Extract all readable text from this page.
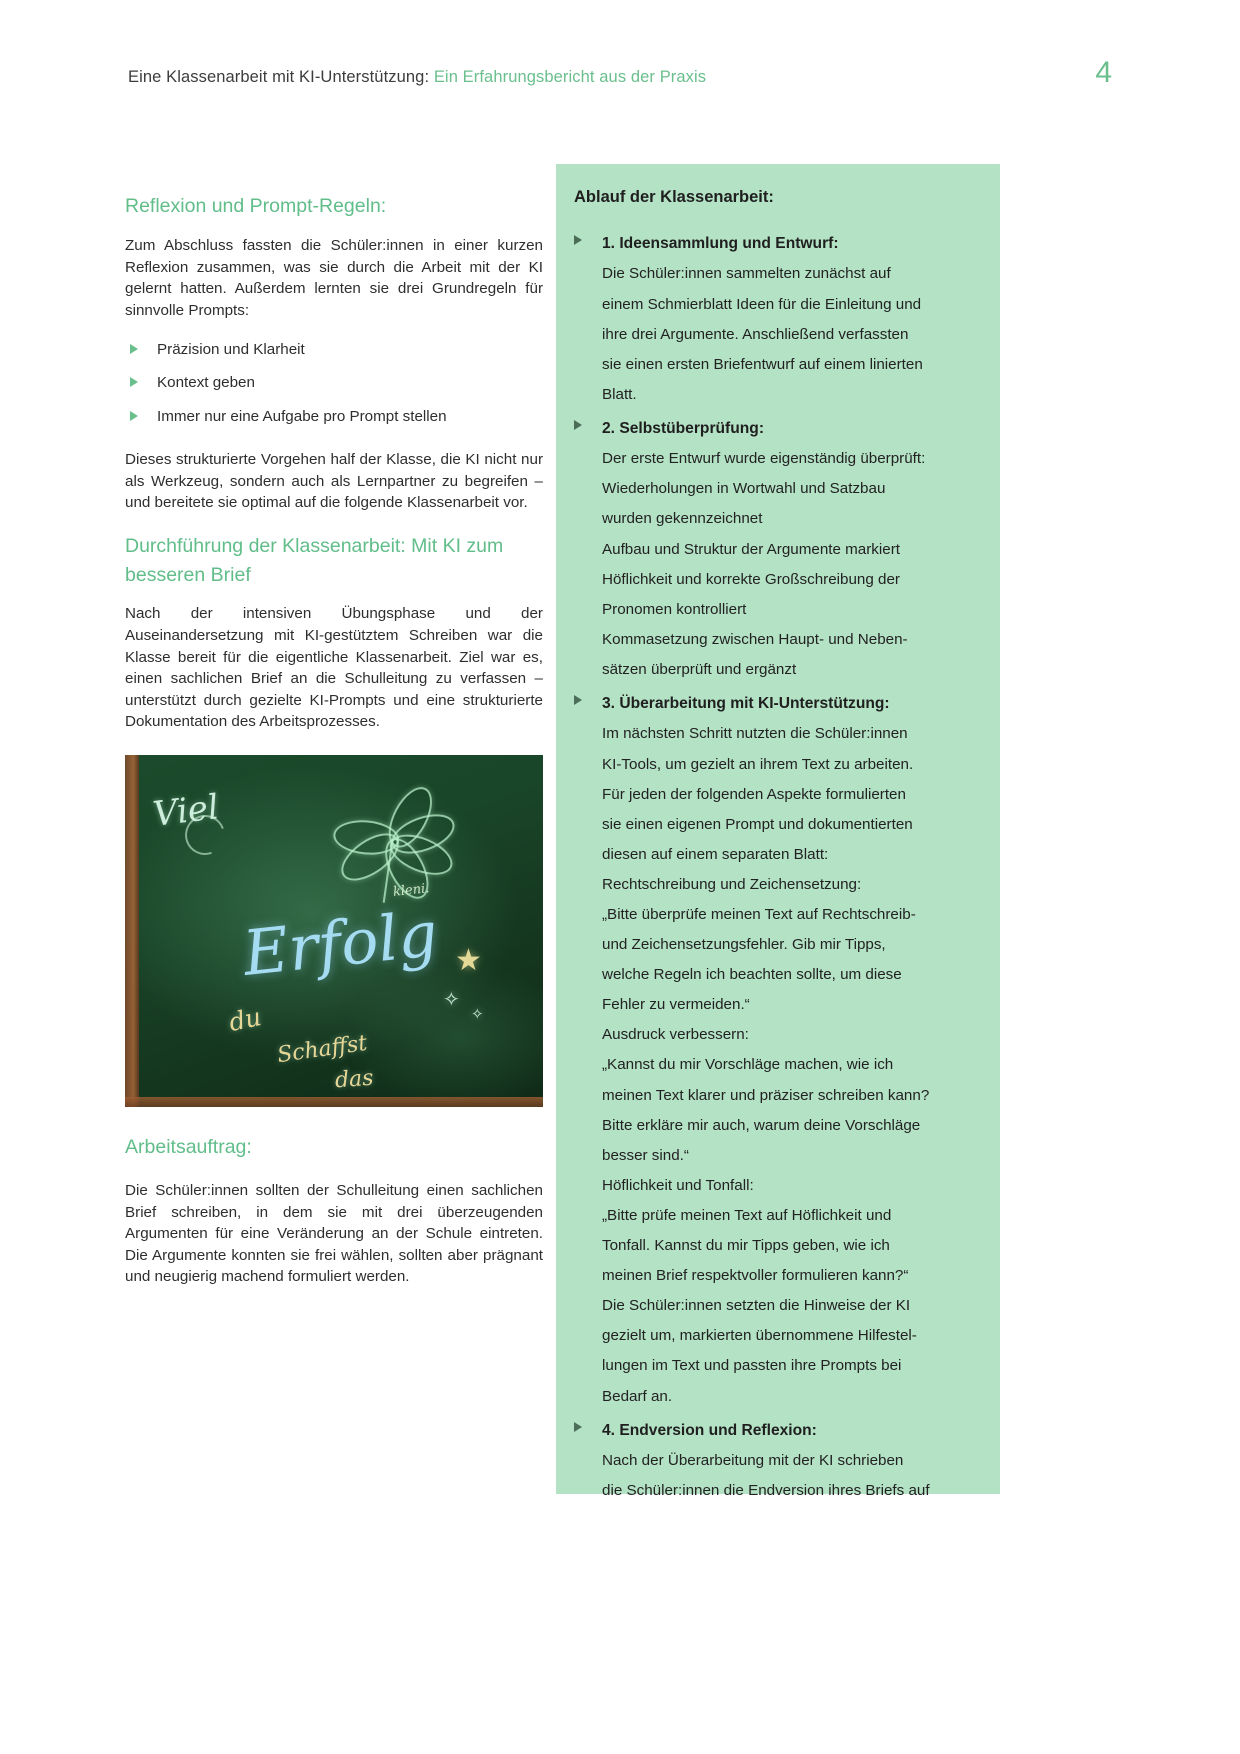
Eine Klassenarbeit mit KI-Unterstützung: Ein Erfahrungsbericht aus der Praxis	4
Reflexion und Prompt-Regeln:

Zum Abschluss fassten die Schüler:innen in einer kurzen Reflexion zusammen, was sie durch die Arbeit mit der KI gelernt hatten. Außerdem lernten sie drei Grundregeln für sinnvolle Prompts:

Präzision und Klarheit
Kontext geben
Immer nur eine Aufgabe pro Prompt stellen

Dieses strukturierte Vorgehen half der Klasse, die KI nicht nur als Werkzeug, sondern auch als Lernpartner zu begreifen – und bereitete sie optimal auf die folgende Klassenarbeit vor.

Durchführung der Klassenarbeit: Mit KI zum besseren Brief

Nach der intensiven Übungsphase und der Auseinandersetzung mit KI-gestütztem Schreiben war die Klasse bereit für die eigentliche Klassenarbeit. Ziel war es, einen sachlichen Brief an die Schulleitung zu verfassen – unterstützt durch gezielte KI-Prompts und eine strukturierte Dokumentation des Arbeitsprozesses.

Viel
kleni.
Erfolg ★
✧
✧
du
Schaffst
das
Arbeitsauftrag:

Die Schüler:innen sollten der Schulleitung einen sachlichen Brief schreiben, in dem sie mit drei überzeugenden Argumenten für eine Veränderung an der Schule eintreten. Die Argumente konnten sie frei wählen, sollten aber prägnant und neugierig machend formuliert werden.

Ablauf der Klassenarbeit:

1. Ideensammlung und Entwurf:

Die Schüler:innen sammelten zunächst auf

einem Schmierblatt Ideen für die Einleitung und

ihre drei Argumente. Anschließend verfassten

sie einen ersten Briefentwurf auf einem linierten

Blatt.

2. Selbstüberprüfung:

Der erste Entwurf wurde eigenständig überprüft:

Wiederholungen in Wortwahl und Satzbau

wurden gekennzeichnet

Aufbau und Struktur der Argumente markiert

Höflichkeit und korrekte Großschreibung der

Pronomen kontrolliert

Kommasetzung zwischen Haupt- und Neben-

sätzen überprüft und ergänzt

3. Überarbeitung mit KI-Unterstützung:

Im nächsten Schritt nutzten die Schüler:innen

KI-Tools, um gezielt an ihrem Text zu arbeiten.

Für jeden der folgenden Aspekte formulierten

sie einen eigenen Prompt und dokumentierten

diesen auf einem separaten Blatt:

Rechtschreibung und Zeichensetzung:

„Bitte überprüfe meinen Text auf Rechtschreib-

und Zeichensetzungsfehler. Gib mir Tipps,

welche Regeln ich beachten sollte, um diese

Fehler zu vermeiden.“

Ausdruck verbessern:

„Kannst du mir Vorschläge machen, wie ich

meinen Text klarer und präziser schreiben kann?

Bitte erkläre mir auch, warum deine Vorschläge

besser sind.“

Höflichkeit und Tonfall:

„Bitte prüfe meinen Text auf Höflichkeit und

Tonfall. Kannst du mir Tipps geben, wie ich

meinen Brief respektvoller formulieren kann?“

Die Schüler:innen setzten die Hinweise der KI

gezielt um, markierten übernommene Hilfestel-

lungen im Text und passten ihre Prompts bei

Bedarf an.

4. Endversion und Reflexion:

Nach der Überarbeitung mit der KI schrieben

die Schüler:innen die Endversion ihres Briefs auf
